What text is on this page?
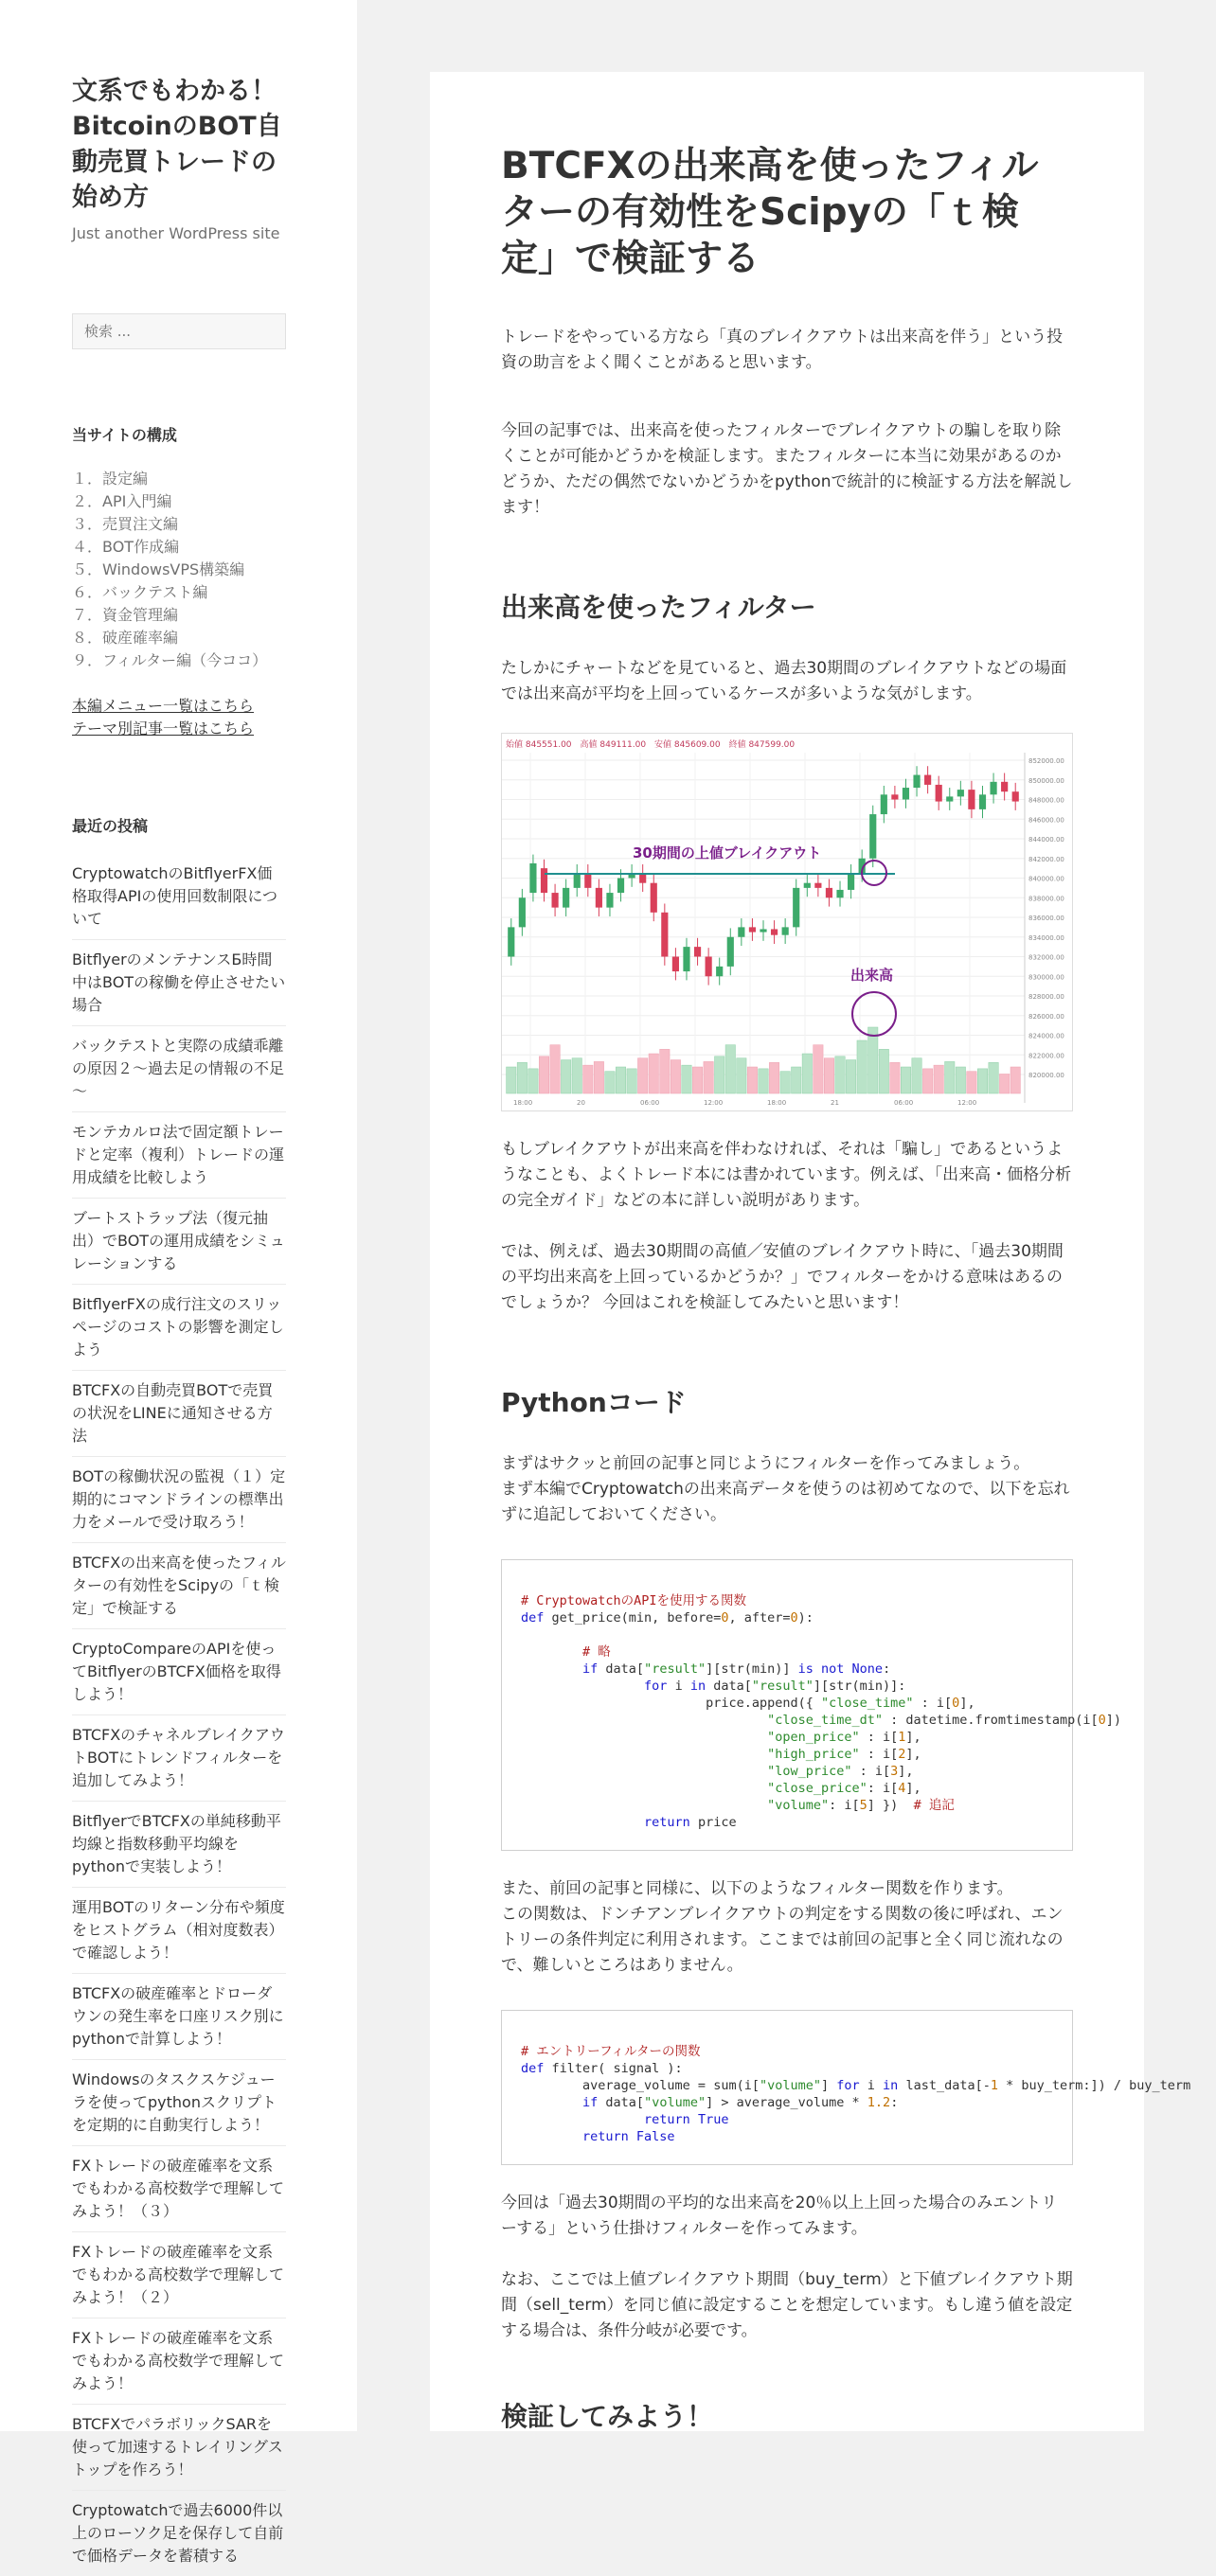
文系でもわかる！BitcoinのBOT自動売買トレードの始め方
Just another WordPress site
検索 ...
当サイトの構成
１．設定編
２．API入門編
３．売買注文編
４．BOT作成編
５．WindowsVPS構築編
６．バックテスト編
７．資金管理編
８．破産確率編
９．フィルター編（今ココ）
本編メニュー一覧はこちら
テーマ別記事一覧はこちら
最近の投稿
CryptowatchのBitflyerFX価格取得APIの使用回数制限について
BitflyerのメンテナンスБ時間中はBOTの稼働を停止させたい場合
バックテストと実際の成績乖離の原因２～過去足の情報の不足～
モンテカルロ法で固定額トレードと定率（複利）トレードの運用成績を比較しよう
ブートストラップ法（復元抽出）でBOTの運用成績をシミュレーションする
BitflyerFXの成行注文のスリッページのコストの影響を測定しよう
BTCFXの自動売買BOTで売買の状況をLINEに通知させる方法
BOTの稼働状況の監視（１）定期的にコマンドラインの標準出力をメールで受け取ろう！
BTCFXの出来高を使ったフィルターの有効性をScipyの「ｔ検定」で検証する
CryptoCompareのAPIを使ってBitflyerのBTCFX価格を取得しよう！
BTCFXのチャネルブレイクアウトBOTにトレンドフィルターを追加してみよう！
BitflyerでBTCFXの単純移動平均線と指数移動平均線をpythonで実装しよう！
運用BOTのリターン分布や頻度をヒストグラム（相対度数表）で確認しよう！
BTCFXの破産確率とドローダウンの発生率を口座リスク別にpythonで計算しよう！
Windowsのタスクスケジューラを使ってpythonスクリプトを定期的に自動実行しよう！
FXトレードの破産確率を文系でもわかる高校数学で理解してみよう！（３）
FXトレードの破産確率を文系でもわかる高校数学で理解してみよう！（２）
FXトレードの破産確率を文系でもわかる高校数学で理解してみよう！
BTCFXでパラボリックSARを使って加速するトレイリングストップを作ろう！
Cryptowatchで過去6000件以上のローソク足を保存して自前で価格データを蓄積する
BTCFXの出来高を使ったフィルターの有効性をScipyの「ｔ検定」で検証する

トレードをやっている方なら「真のブレイクアウトは出来高を伴う」という投資の助言をよく聞くことがあると思います。

今回の記事では、出来高を使ったフィルターでブレイクアウトの騙しを取り除くことが可能かどうかを検証します。またフィルターに本当に効果があるのかどうか、ただの偶然でないかどうかをpythonで統計的に検証する方法を解説します！

出来高を使ったフィルター

たしかにチャートなどを見ていると、過去30期間のブレイクアウトなどの場面では出来高が平均を上回っているケースが多いような気がします。

始値 845551.00　高値 849111.00　安値 845609.00　終値 847599.00
852000.00
850000.00
848000.00
846000.00
844000.00
842000.00
840000.00
838000.00
836000.00
834000.00
832000.00
830000.00
828000.00
826000.00
824000.00
822000.00
820000.00
18:00	20	06:00	12:00	18:00	21	06:00	12:00
30期間の上値ブレイクアウト
出来高

もしブレイクアウトが出来高を伴わなければ、それは「騙し」であるというようなことも、よくトレード本には書かれています。例えば、「出来高・価格分析の完全ガイド」などの本に詳しい説明があります。

では、例えば、過去30期間の高値／安値のブレイクアウト時に、「過去30期間の平均出来高を上回っているかどうか？」でフィルターをかける意味はあるのでしょうか？ 今回はこれを検証してみたいと思います！

Pythonコード

まずはサクッと前回の記事と同じようにフィルターを作ってみましょう。
まず本編でCryptowatchの出来高データを使うのは初めてなので、以下を忘れずに追記しておいてください。

# CryptowatchのAPIを使用する関数
def get_price(min, before=0, after=0):

# 略
if data["result"][str(min)] is not None:
for i in data["result"][str(min)]:
price.append({ "close_time" : i[0],
"close_time_dt" : datetime.fromtimestamp(i[0])
"open_price" : i[1],
"high_price" : i[2],
"low_price" : i[3],
"close_price": i[4],
"volume": i[5] })  # 追記
return price

また、前回の記事と同様に、以下のようなフィルター関数を作ります。
この関数は、ドンチアンブレイクアウトの判定をする関数の後に呼ばれ、エントリーの条件判定に利用されます。ここまでは前回の記事と全く同じ流れなので、難しいところはありません。

# エントリーフィルターの関数
def filter( signal ):
average_volume = sum(i["volume"] for i in last_data[-1 * buy_term:]) / buy_term
if data["volume"] > average_volume * 1.2:
return True
return False

今回は「過去30期間の平均的な出来高を20％以上上回った場合のみエントリーする」という仕掛けフィルターを作ってみます。

なお、ここでは上値ブレイクアウト期間（buy_term）と下値ブレイクアウト期間（sell_term）を同じ値に設定することを想定しています。もし違う値を設定する場合は、条件分岐が必要です。

検証してみよう！
